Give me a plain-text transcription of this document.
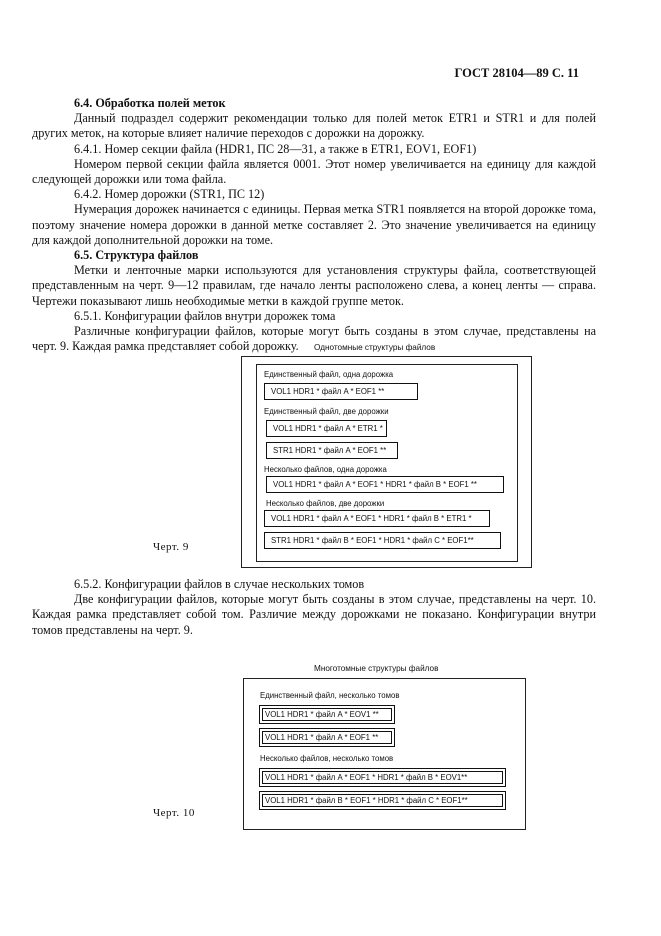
ГОСТ 28104—89 С. 11

6.4. Обработка полей меток

Данный подраздел содержит рекомендации только для полей меток ETR1 и STR1 и для полей других меток, на которые влияет наличие переходов с дорожки на дорожку.

6.4.1. Номер секции файла (HDR1, ПС 28—31, а также в ETR1, EOV1, EOF1)

Номером первой секции файла является 0001. Этот номер увеличивается на единицу для каждой следующей дорожки или тома файла.

6.4.2. Номер дорожки (STR1, ПС 12)

Нумерация дорожек начинается с единицы. Первая метка STR1 появляется на второй дорожке тома, поэтому значение номера дорожки в данной метке составляет 2. Это значение увеличивается на единицу для каждой дополнительной дорожки на томе.

6.5. Структура файлов

Метки и ленточные марки используются для установления структуры файла, соответствующей представленным на черт. 9—12 правилам, где начало ленты расположено слева, а конец ленты — справа. Чертежи показывают лишь необходимые метки в каждой группе меток.

6.5.1. Конфигурации файлов внутри дорожек тома

Различные конфигурации файлов, которые могут быть созданы в этом случае, представлены на черт. 9. Каждая рамка представляет собой дорожку.	Однотомные структуры файлов
Единственный файл, одна дорожка
VOL1 HDR1 * файл A * EOF1 **
Единственный файл, две дорожки
VOL1 HDR1 * файл A * ETR1 *
STR1 HDR1 * файл A * EOF1 **
Несколько файлов, одна дорожка
VOL1 HDR1 * файл A * EOF1 * HDR1 * файл B * EOF1 **
Несколько файлов, две дорожки
VOL1 HDR1 * файл A * EOF1 * HDR1 * файл B * ETR1 *
STR1 HDR1 * файл B * EOF1 * HDR1 * файл C * EOF1**
Черт. 9

6.5.2. Конфигурации файлов в случае нескольких томов

Две конфигурации файлов, которые могут быть созданы в этом случае, представлены на черт. 10. Каждая рамка представляет собой том. Различие между дорожками не показано. Конфигурации внутри томов представлены на черт. 9.

Многотомные структуры файлов
Единственный файл, несколько томов
VOL1 HDR1 * файл A * EOV1 **
VOL1 HDR1 * файл A * EOF1 **
Несколько файлов, несколько томов
VOL1 HDR1 * файл A * EOF1 * HDR1 * файл B * EOV1**
VOL1 HDR1 * файл B * EOF1 * HDR1 * файл C * EOF1**
Черт. 10
